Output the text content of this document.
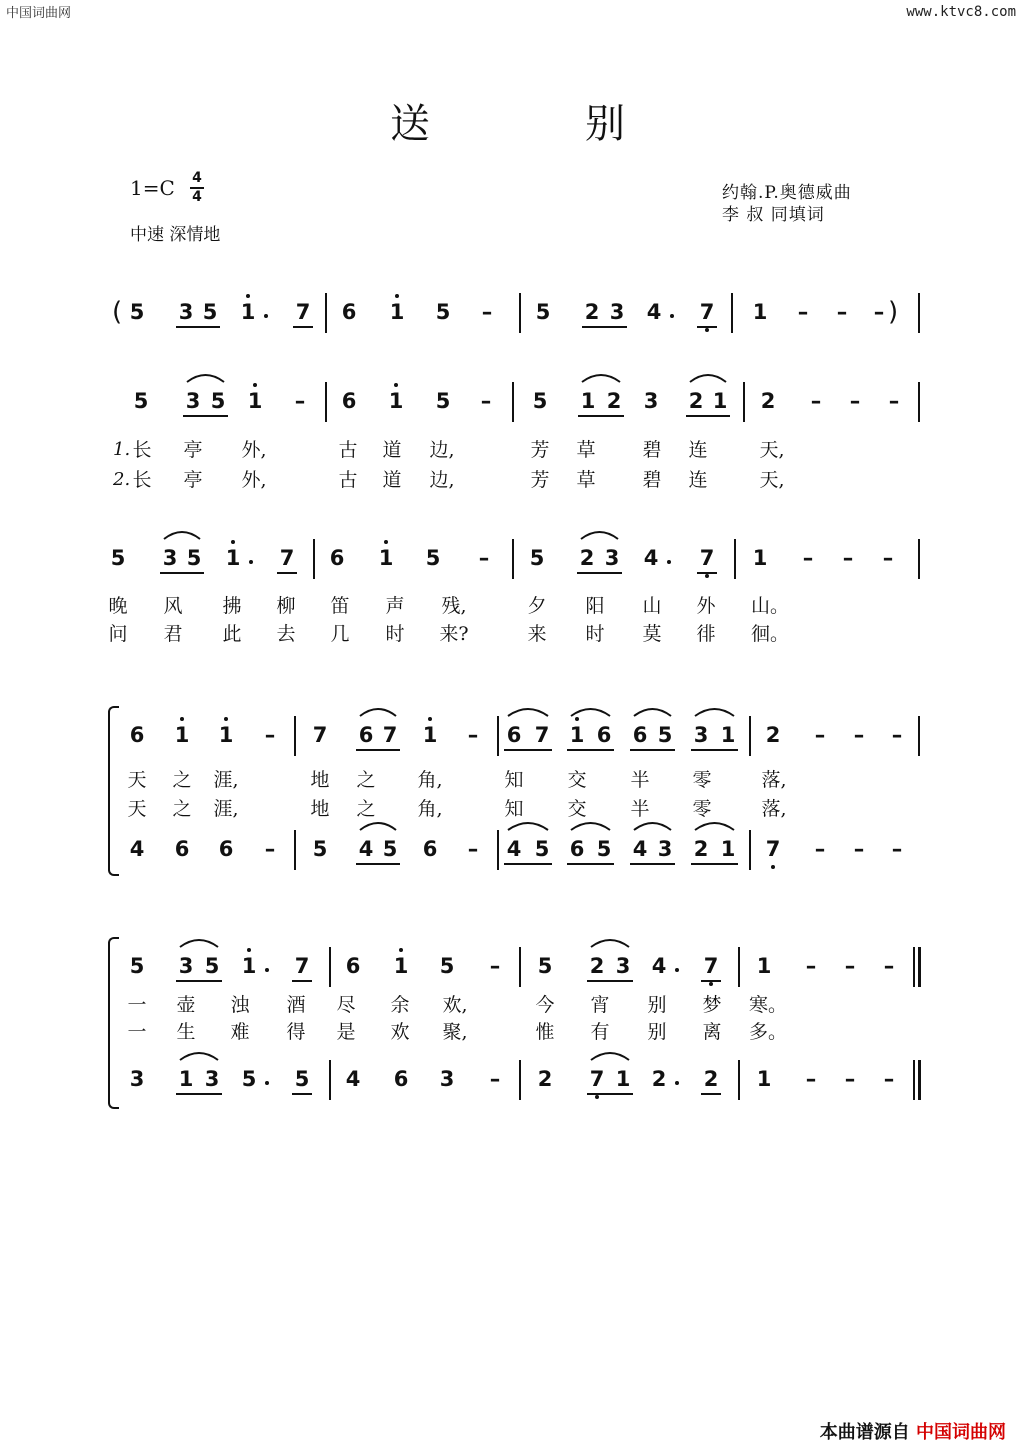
中国词曲网	www.ktvc8.com
送	别
1=C 4
4
中速 深情地
约翰.P.奥德威曲
李 叔 同填词
( 5 3 5 1 7 6 1 5 – 5 2 3 4 7 1 – – – )
5 3 5 1 – 6 1 5 – 5 1 2 3 2 1 2 – – –
1.
2.
长 亭 外,	古 道 边,	芳 草 碧 连	天,
长 亭 外,	古 道 边,	芳 草 碧 连	天,
5 3 5 1 7 6 1 5 – 5 2 3 4 7 1 – – –
晚 风 拂 柳 笛 声 残,	夕 阳 山 外 山。
问 君 此 去 几 时 来?	来 时 莫 徘 徊。
6 1 1 – 7 6 7 1 – 6 7 1 6 6 5 3 1 2 – – –
天 之 涯,	地 之 角,	知 交 半 零	落,
天 之 涯,	地 之 角,	知 交 半 零	落,
4 6 6 – 5 4 5 6 – 4 5 6 5 4 3 2 1 7 – – –
5 3 5 1 7 6 1 5 – 5 2 3 4 7 1 – – –
一 壶 浊 酒 尽 余 欢,	今 宵 别 梦 寒。
一 生 难 得 是 欢 聚,	惟 有 别 离 多。
3 1 3 5 5 4 6 3 – 2 7 1 2 2 1 – – –
本曲谱源自 中国词曲网
